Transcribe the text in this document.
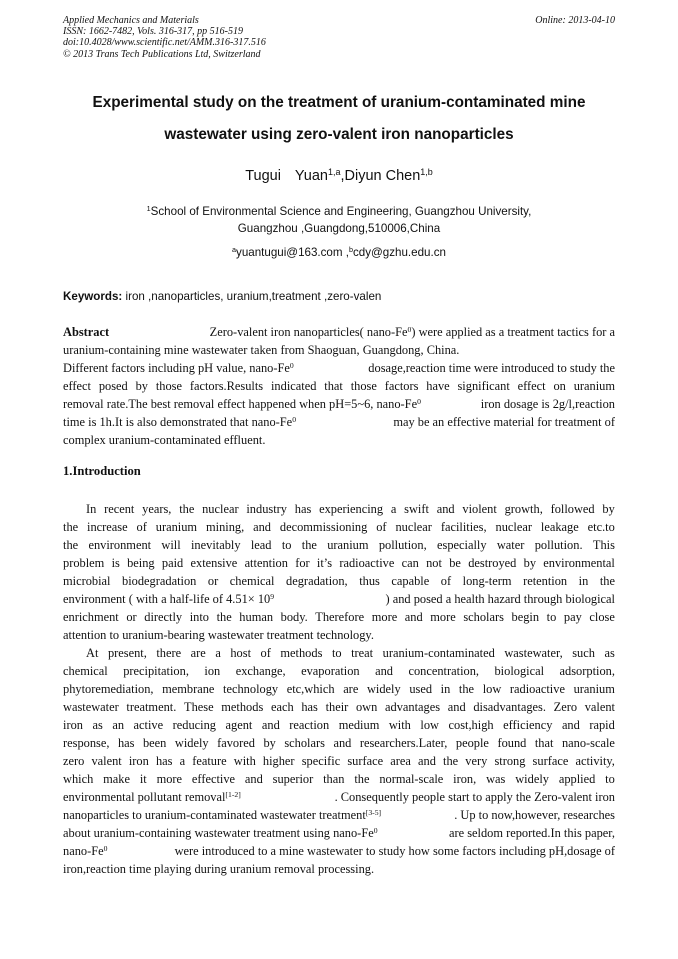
Applied Mechanics and Materials
ISSN: 1662-7482, Vols. 316-317, pp 516-519
doi:10.4028/www.scientific.net/AMM.316-317.516
© 2013 Trans Tech Publications Ltd, Switzerland
Online: 2013-04-10
Experimental study on the treatment of uranium-contaminated mine
wastewater using zero-valent iron nanoparticles
Tugui Yuan$^{1,a}$,Diyun Chen$^{1,b}$
$^1$School of Environmental Science and Engineering, Guangzhou University,
Guangzhou ,Guangdong,510006,China
$^a$yuantugui@163.com ,$^b$cdy@gzhu.edu.cn
Keywords: iron ,nanoparticles, uranium,treatment ,zero-valen
Abstract	Zero-valent iron nanoparticles( nano-Fe$^0$) were applied as a treatment tactics for a
uranium-containing mine wastewater taken from Shaoguan, Guangdong, China.
Different factors including pH value, nano-Fe$^0$	dosage,reaction time were introduced to study the
effect posed by those factors.Results indicated that those factors have significant effect on uranium
removal rate.The best removal effect happened when pH=5~6, nano-Fe$^0$	iron dosage is 2g/l,reaction
time is 1h.It is also demonstrated that nano-Fe$^0$	may be an effective material for treatment of
complex uranium-contaminated effluent.
1.Introduction
In recent years, the nuclear industry has experiencing a swift and violent growth, followed by
the increase of uranium mining, and decommissioning of nuclear facilities, nuclear leakage etc.to
the environment will inevitably lead to the uranium pollution, especially water pollution. This
problem is being paid extensive attention for it’s radioactive can not be destroyed by environmental
microbial biodegradation or chemical degradation, thus capable of long-term retention in the
environment ( with a half-life of $4.51\times 10^9$	) and posed a health hazard through biological
enrichment or directly into the human body. Therefore more and more scholars begin to pay close
attention to uranium-bearing wastewater treatment technology.
At present, there are a host of methods to treat uranium-contaminated wastewater, such as
chemical precipitation, ion exchange, evaporation and concentration, biological adsorption,
phytoremediation, membrane technology etc,which are widely used in the low radioactive uranium
wastewater treatment. These methods each has their own advantages and disadvantages. Zero valent
iron as an active reducing agent and reaction medium with low cost,high efficiency and rapid
response, has been widely favored by scholars and researchers.Later, people found that nano-scale
zero valent iron has a feature with higher specific surface area and the very strong surface activity,
which make it more effective and superior than the normal-scale iron, was widely applied to
environmental pollutant removal[1-2]	. Consequently people start to apply the Zero-valent iron
nanoparticles to uranium-contaminated wastewater treatment[3-5]	. Up to now,however, researches
about uranium-containing wastewater treatment using nano-Fe$^0$	are seldom reported.In this paper,
nano-Fe$^0$	were introduced to a mine wastewater to study how some factors including pH,dosage of
iron,reaction time playing during uranium removal processing.
